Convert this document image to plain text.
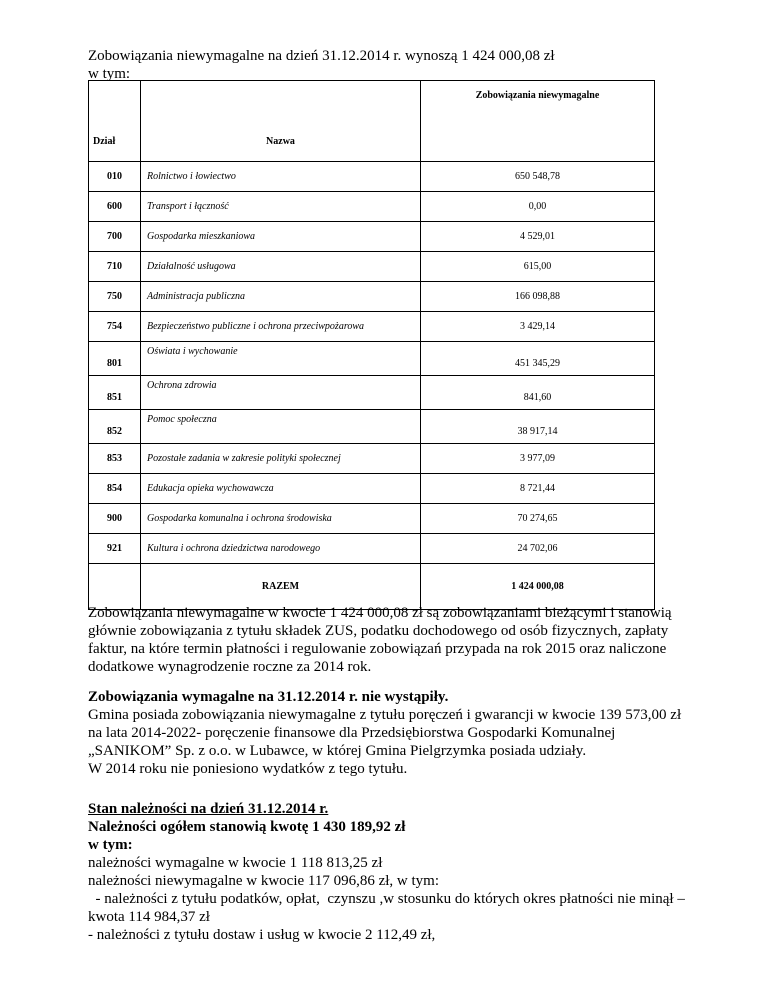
Zobowiązania niewymagalne na dzień 31.12.2014 r. wynoszą 1 424 000,08 zł
w tym:
Dział	Nazwa	Zobowiązania niewymagalne
010	Rolnictwo i łowiectwo	650 548,78
600	Transport i łączność	0,00
700	Gospodarka mieszkaniowa	4 529,01
710	Działalność usługowa	615,00
750	Administracja publiczna	166 098,88
754	Bezpieczeństwo publiczne i ochrona przeciwpożarowa	3 429,14
801	Oświata i wychowanie	451 345,29
851	Ochrona zdrowia	841,60
852	Pomoc społeczna	38 917,14
853	Pozostałe zadania w zakresie polityki społecznej	3 977,09
854	Edukacja opieka wychowawcza	8 721,44
900	Gospodarka komunalna i ochrona środowiska	70 274,65
921	Kultura i ochrona dziedzictwa narodowego	24 702,06
	RAZEM	1 424 000,08
Zobowiązania niewymagalne w kwocie 1 424 000,08 zł są zobowiązaniami bieżącymi i stanowią głównie zobowiązania z tytułu składek ZUS, podatku dochodowego od osób fizycznych, zapłaty faktur, na które termin płatności i regulowanie zobowiązań przypada na rok 2015 oraz naliczone dodatkowe wynagrodzenie roczne za 2014 rok.
Zobowiązania wymagalne na 31.12.2014 r. nie wystąpiły.
Gmina posiada zobowiązania niewymagalne z tytułu poręczeń i gwarancji w kwocie 139 573,00 zł na lata 2014-2022- poręczenie finansowe dla Przedsiębiorstwa Gospodarki Komunalnej „SANIKOM” Sp. z o.o. w Lubawce, w której Gmina Pielgrzymka posiada udziały.
W 2014 roku nie poniesiono wydatków z tego tytułu.
Stan należności na dzień 31.12.2014 r.
Należności ogółem stanowią kwotę 1 430 189,92 zł
w tym:
należności wymagalne w kwocie 1 118 813,25 zł
należności niewymagalne w kwocie 117 096,86 zł, w tym:
- należności z tytułu podatków, opłat,  czynszu ,w stosunku do których okres płatności nie minął – kwota 114 984,37 zł
- należności z tytułu dostaw i usług w kwocie 2 112,49 zł,
